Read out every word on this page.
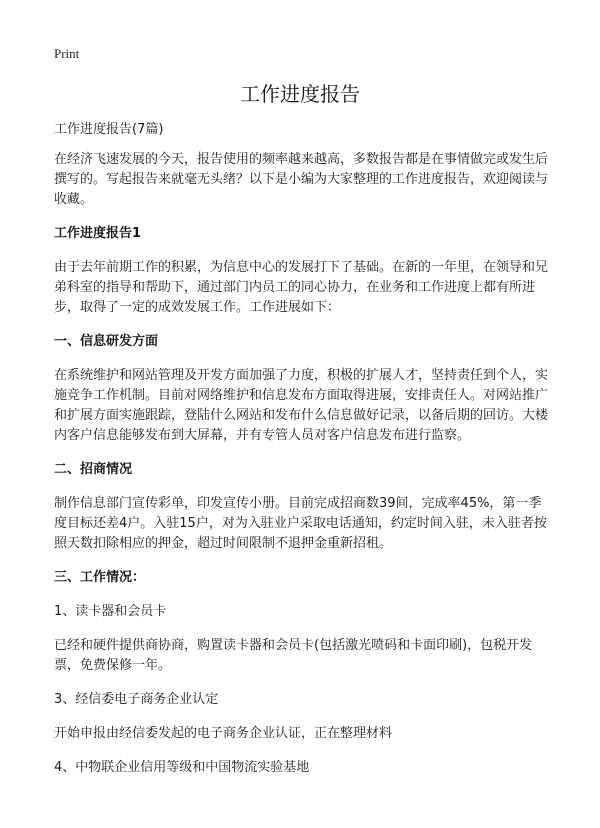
Print
工作进度报告

工作进度报告(7篇)

在经济飞速发展的今天，报告使用的频率越来越高，多数报告都是在事情做完或发生后撰写的。写起报告来就毫无头绪？以下是小编为大家整理的工作进度报告，欢迎阅读与收藏。

工作进度报告1

由于去年前期工作的积累，为信息中心的发展打下了基础。在新的一年里，在领导和兄弟科室的指导和帮助下，通过部门内员工的同心协力，在业务和工作进度上都有所进步，取得了一定的成效发展工作。工作进展如下：

一、信息研发方面

在系统维护和网站管理及开发方面加强了力度，积极的扩展人才，坚持责任到个人，实施竞争工作机制。目前对网络维护和信息发布方面取得进展，安排责任人。对网站推广和扩展方面实施跟踪，登陆什么网站和发布什么信息做好记录，以备后期的回访。大楼内客户信息能够发布到大屏幕，并有专管人员对客户信息发布进行监察。

二、招商情况

制作信息部门宣传彩单，印发宣传小册。目前完成招商数39间，完成率45%，第一季度目标还差4户。入驻15户，对为入驻业户采取电话通知，约定时间入驻，未入驻者按照天数扣除相应的押金，超过时间限制不退押金重新招租。

三、工作情况：

1、读卡器和会员卡

已经和硬件提供商协商，购置读卡器和会员卡(包括激光喷码和卡面印刷)，包税开发票，免费保修一年。

3、经信委电子商务企业认定

开始申报由经信委发起的电子商务企业认证，正在整理材料

4、中物联企业信用等级和中国物流实验基地
